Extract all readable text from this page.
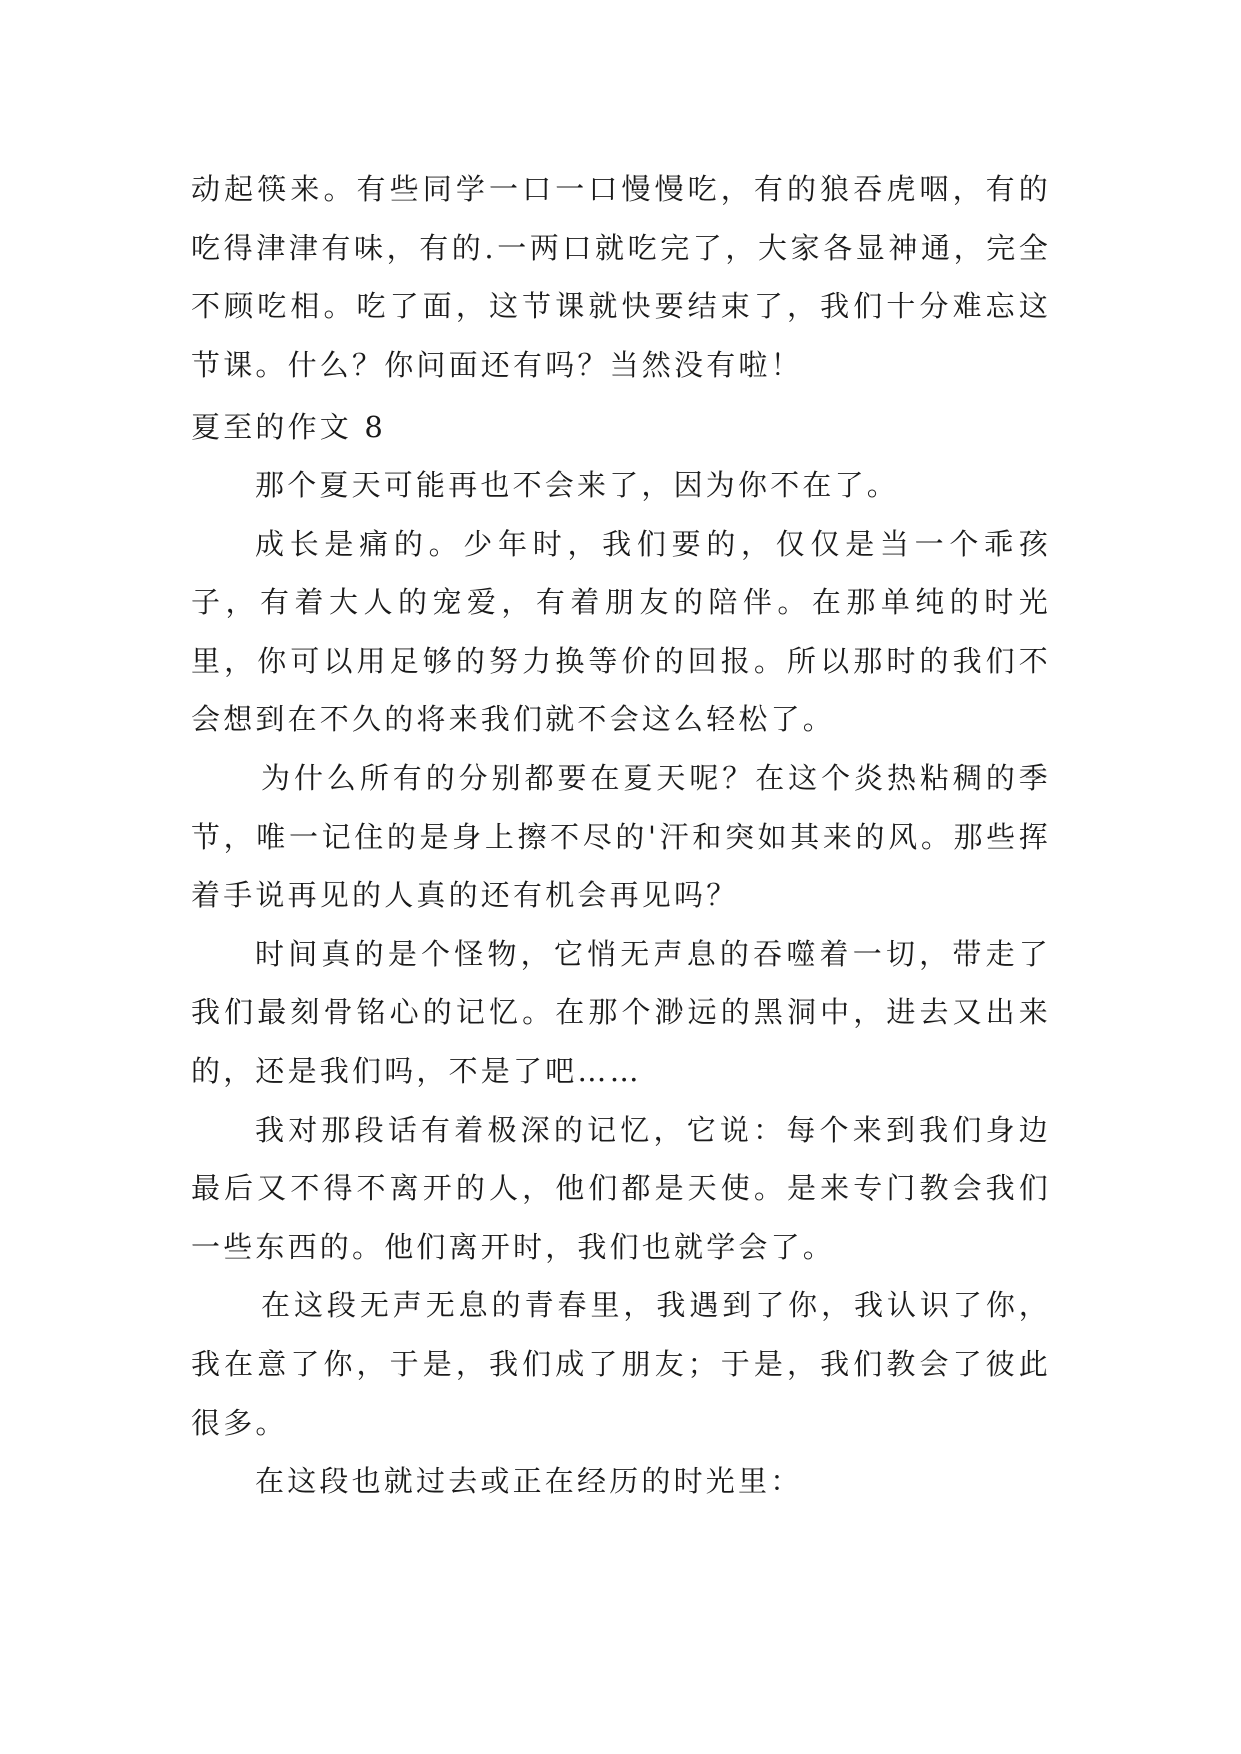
动起筷来。有些同学一口一口慢慢吃，有的狼吞虎咽，有的吃得津津有味，有的.一两口就吃完了，大家各显神通，完全不顾吃相。吃了面，这节课就快要结束了，我们十分难忘这节课。什么？你问面还有吗？当然没有啦！

夏至的作文 8

那个夏天可能再也不会来了，因为你不在了。

成长是痛的。少年时，我们要的，仅仅是当一个乖孩子，有着大人的宠爱，有着朋友的陪伴。在那单纯的时光里，你可以用足够的努力换等价的回报。所以那时的我们不会想到在不久的将来我们就不会这么轻松了。

为什么所有的分别都要在夏天呢？在这个炎热粘稠的季节，唯一记住的是身上擦不尽的'汗和突如其来的风。那些挥着手说再见的人真的还有机会再见吗？

时间真的是个怪物，它悄无声息的吞噬着一切，带走了我们最刻骨铭心的记忆。在那个渺远的黑洞中，进去又出来的，还是我们吗，不是了吧……

我对那段话有着极深的记忆，它说：每个来到我们身边最后又不得不离开的人，他们都是天使。是来专门教会我们一些东西的。他们离开时，我们也就学会了。

在这段无声无息的青春里，我遇到了你，我认识了你，我在意了你，于是，我们成了朋友；于是，我们教会了彼此很多。

在这段也就过去或正在经历的时光里：
